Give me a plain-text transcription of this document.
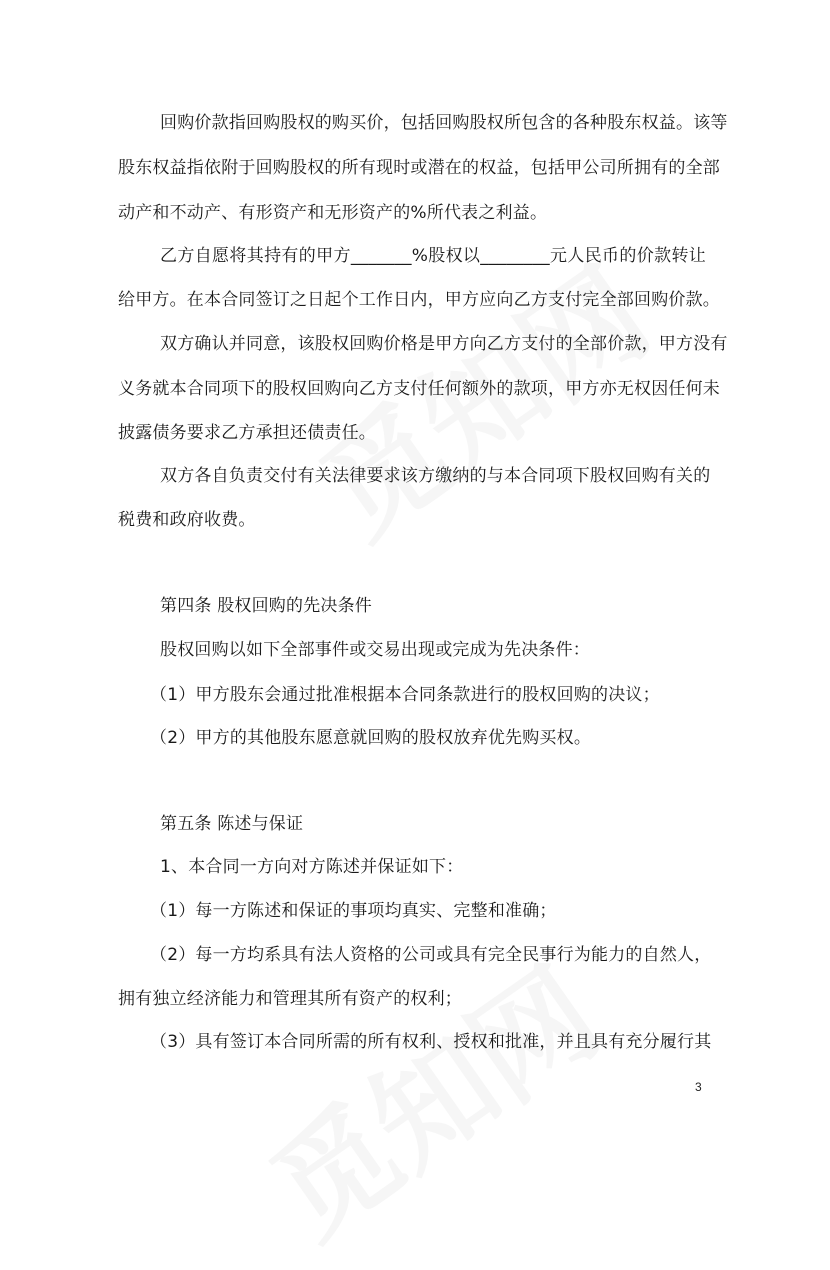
回购价款指回购股权的购买价，包括回购股权所包含的各种股东权益。该等
股东权益指依附于回购股权的所有现时或潜在的权益，包括甲公司所拥有的全部
动产和不动产、有形资产和无形资产的%所代表之利益。
乙方自愿将其持有的甲方_______%股权以________元人民币的价款转让
给甲方。在本合同签订之日起个工作日内，甲方应向乙方支付完全部回购价款。
双方确认并同意，该股权回购价格是甲方向乙方支付的全部价款，甲方没有
义务就本合同项下的股权回购向乙方支付任何额外的款项，甲方亦无权因任何未
披露债务要求乙方承担还债责任。
双方各自负责交付有关法律要求该方缴纳的与本合同项下股权回购有关的
税费和政府收费。
第四条 股权回购的先决条件
股权回购以如下全部事件或交易出现或完成为先决条件：
（1）甲方股东会通过批准根据本合同条款进行的股权回购的决议；
（2）甲方的其他股东愿意就回购的股权放弃优先购买权。
第五条 陈述与保证
1、本合同一方向对方陈述并保证如下：
（1）每一方陈述和保证的事项均真实、完整和准确；
（2）每一方均系具有法人资格的公司或具有完全民事行为能力的自然人，
拥有独立经济能力和管理其所有资产的权利；
（3）具有签订本合同所需的所有权利、授权和批准，并且具有充分履行其
3
